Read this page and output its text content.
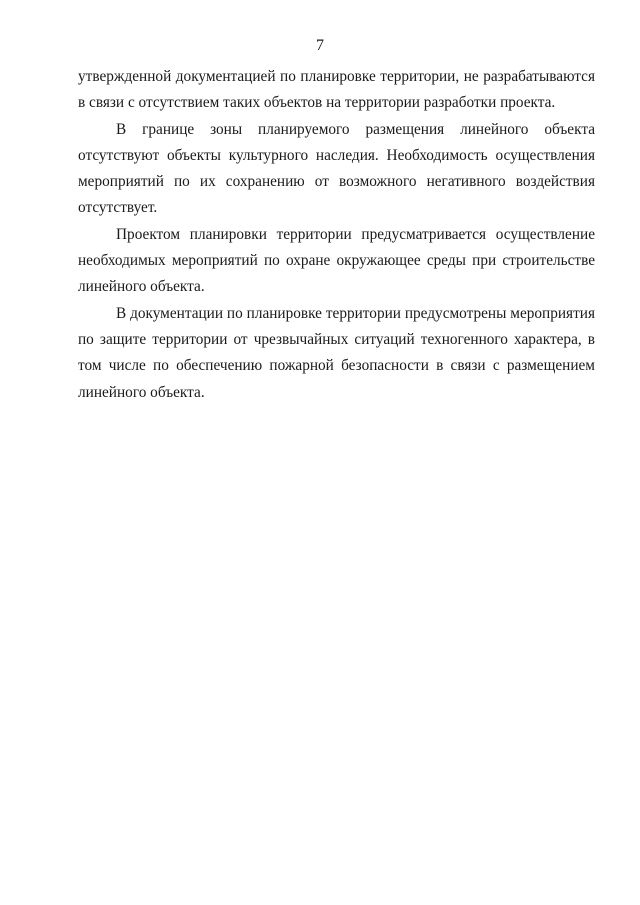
7

утвержденной документацией по планировке территории, не разрабатываются в связи с отсутствием таких объектов на территории разработки проекта.

В границе зоны планируемого размещения линейного объекта отсутствуют объекты культурного наследия. Необходимость осуществления мероприятий по их сохранению от возможного негативного воздействия отсутствует.

Проектом планировки территории предусматривается осуществление необходимых мероприятий по охране окружающее среды при строительстве линейного объекта.

В документации по планировке территории предусмотрены мероприятия по защите территории от чрезвычайных ситуаций техногенного характера, в том числе по обеспечению пожарной безопасности в связи с размещением линейного объекта.
